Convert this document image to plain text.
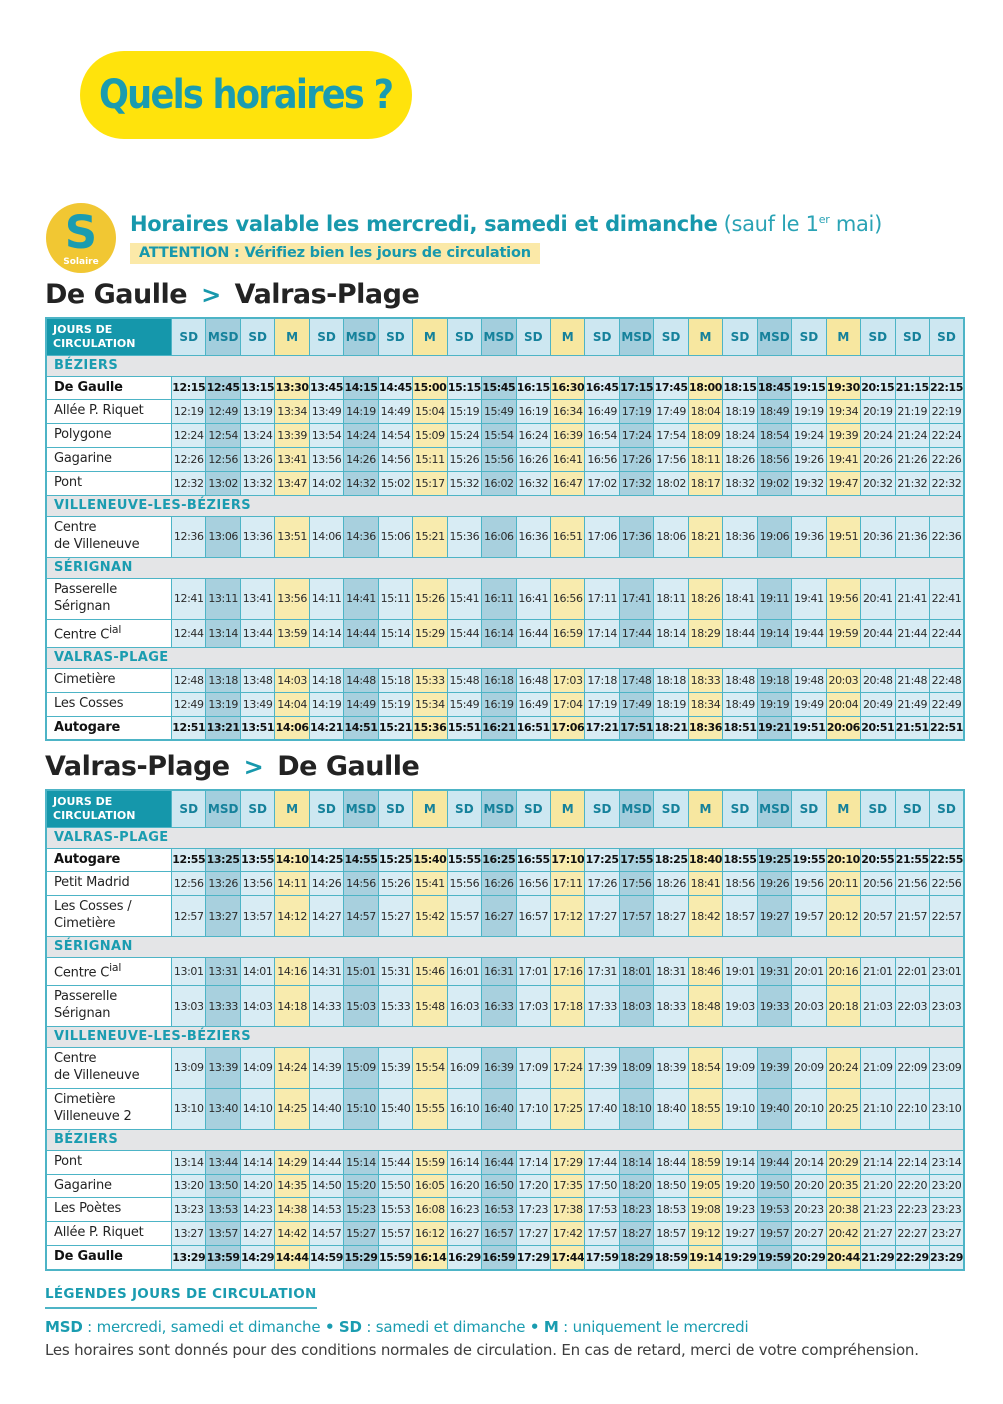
Quels horaires ?
S
Solaire
Horaires valable les mercredi, samedi et dimanche (sauf le 1er mai)
ATTENTION : Vérifiez bien les jours de circulation
De Gaulle > Valras-Plage
JOURS DE CIRCULATION	SD	MSD	SD	M	SD	MSD	SD	M	SD	MSD	SD	M	SD	MSD	SD	M	SD	MSD	SD	M	SD	SD	SD
BÉZIERS																							
De Gaulle	12:15	12:45	13:15	13:30	13:45	14:15	14:45	15:00	15:15	15:45	16:15	16:30	16:45	17:15	17:45	18:00	18:15	18:45	19:15	19:30	20:15	21:15	22:15
Allée P. Riquet	12:19	12:49	13:19	13:34	13:49	14:19	14:49	15:04	15:19	15:49	16:19	16:34	16:49	17:19	17:49	18:04	18:19	18:49	19:19	19:34	20:19	21:19	22:19
Polygone	12:24	12:54	13:24	13:39	13:54	14:24	14:54	15:09	15:24	15:54	16:24	16:39	16:54	17:24	17:54	18:09	18:24	18:54	19:24	19:39	20:24	21:24	22:24
Gagarine	12:26	12:56	13:26	13:41	13:56	14:26	14:56	15:11	15:26	15:56	16:26	16:41	16:56	17:26	17:56	18:11	18:26	18:56	19:26	19:41	20:26	21:26	22:26
Pont	12:32	13:02	13:32	13:47	14:02	14:32	15:02	15:17	15:32	16:02	16:32	16:47	17:02	17:32	18:02	18:17	18:32	19:02	19:32	19:47	20:32	21:32	22:32
VILLENEUVE-LES-BÉZIERS																							
Centre
de Villeneuve	12:36	13:06	13:36	13:51	14:06	14:36	15:06	15:21	15:36	16:06	16:36	16:51	17:06	17:36	18:06	18:21	18:36	19:06	19:36	19:51	20:36	21:36	22:36
SÉRIGNAN																							
Passerelle
Sérignan	12:41	13:11	13:41	13:56	14:11	14:41	15:11	15:26	15:41	16:11	16:41	16:56	17:11	17:41	18:11	18:26	18:41	19:11	19:41	19:56	20:41	21:41	22:41
Centre $C^{ial}$	12:44	13:14	13:44	13:59	14:14	14:44	15:14	15:29	15:44	16:14	16:44	16:59	17:14	17:44	18:14	18:29	18:44	19:14	19:44	19:59	20:44	21:44	22:44
VALRAS-PLAGE																							
Cimetière	12:48	13:18	13:48	14:03	14:18	14:48	15:18	15:33	15:48	16:18	16:48	17:03	17:18	17:48	18:18	18:33	18:48	19:18	19:48	20:03	20:48	21:48	22:48
Les Cosses	12:49	13:19	13:49	14:04	14:19	14:49	15:19	15:34	15:49	16:19	16:49	17:04	17:19	17:49	18:19	18:34	18:49	19:19	19:49	20:04	20:49	21:49	22:49
Autogare	12:51	13:21	13:51	14:06	14:21	14:51	15:21	15:36	15:51	16:21	16:51	17:06	17:21	17:51	18:21	18:36	18:51	19:21	19:51	20:06	20:51	21:51	22:51
Valras-Plage > De Gaulle
JOURS DE CIRCULATION	SD	MSD	SD	M	SD	MSD	SD	M	SD	MSD	SD	M	SD	MSD	SD	M	SD	MSD	SD	M	SD	SD	SD
VALRAS-PLAGE																							
Autogare	12:55	13:25	13:55	14:10	14:25	14:55	15:25	15:40	15:55	16:25	16:55	17:10	17:25	17:55	18:25	18:40	18:55	19:25	19:55	20:10	20:55	21:55	22:55
Petit Madrid	12:56	13:26	13:56	14:11	14:26	14:56	15:26	15:41	15:56	16:26	16:56	17:11	17:26	17:56	18:26	18:41	18:56	19:26	19:56	20:11	20:56	21:56	22:56
Les Cosses /
Cimetière	12:57	13:27	13:57	14:12	14:27	14:57	15:27	15:42	15:57	16:27	16:57	17:12	17:27	17:57	18:27	18:42	18:57	19:27	19:57	20:12	20:57	21:57	22:57
SÉRIGNAN																							
Centre $C^{ial}$	13:01	13:31	14:01	14:16	14:31	15:01	15:31	15:46	16:01	16:31	17:01	17:16	17:31	18:01	18:31	18:46	19:01	19:31	20:01	20:16	21:01	22:01	23:01
Passerelle
Sérignan	13:03	13:33	14:03	14:18	14:33	15:03	15:33	15:48	16:03	16:33	17:03	17:18	17:33	18:03	18:33	18:48	19:03	19:33	20:03	20:18	21:03	22:03	23:03
VILLENEUVE-LES-BÉZIERS																							
Centre
de Villeneuve	13:09	13:39	14:09	14:24	14:39	15:09	15:39	15:54	16:09	16:39	17:09	17:24	17:39	18:09	18:39	18:54	19:09	19:39	20:09	20:24	21:09	22:09	23:09
Cimetière
Villeneuve 2	13:10	13:40	14:10	14:25	14:40	15:10	15:40	15:55	16:10	16:40	17:10	17:25	17:40	18:10	18:40	18:55	19:10	19:40	20:10	20:25	21:10	22:10	23:10
BÉZIERS																							
Pont	13:14	13:44	14:14	14:29	14:44	15:14	15:44	15:59	16:14	16:44	17:14	17:29	17:44	18:14	18:44	18:59	19:14	19:44	20:14	20:29	21:14	22:14	23:14
Gagarine	13:20	13:50	14:20	14:35	14:50	15:20	15:50	16:05	16:20	16:50	17:20	17:35	17:50	18:20	18:50	19:05	19:20	19:50	20:20	20:35	21:20	22:20	23:20
Les Poètes	13:23	13:53	14:23	14:38	14:53	15:23	15:53	16:08	16:23	16:53	17:23	17:38	17:53	18:23	18:53	19:08	19:23	19:53	20:23	20:38	21:23	22:23	23:23
Allée P. Riquet	13:27	13:57	14:27	14:42	14:57	15:27	15:57	16:12	16:27	16:57	17:27	17:42	17:57	18:27	18:57	19:12	19:27	19:57	20:27	20:42	21:27	22:27	23:27
De Gaulle	13:29	13:59	14:29	14:44	14:59	15:29	15:59	16:14	16:29	16:59	17:29	17:44	17:59	18:29	18:59	19:14	19:29	19:59	20:29	20:44	21:29	22:29	23:29
LÉGENDES JOURS DE CIRCULATION
MSD : mercredi, samedi et dimanche • SD : samedi et dimanche • M : uniquement le mercredi
Les horaires sont donnés pour des conditions normales de circulation. En cas de retard, merci de votre compréhension.
